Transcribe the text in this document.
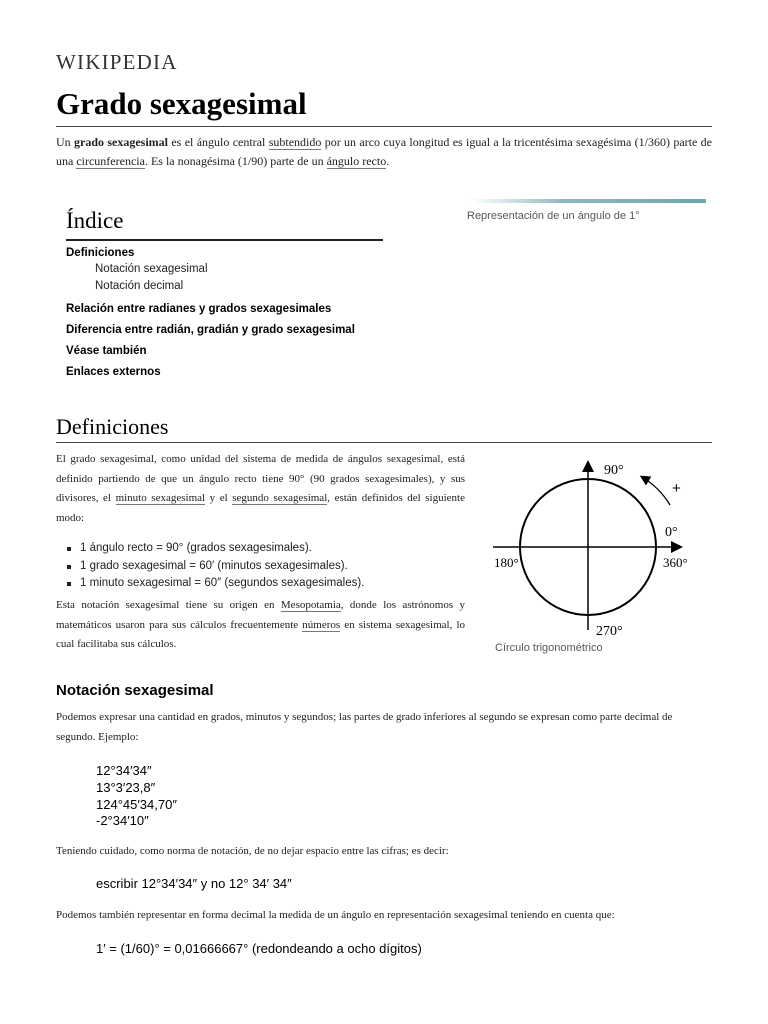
WIKIPEDIA
Grado sexagesimal
Un grado sexagesimal es el ángulo central subtendido por un arco cuya longitud es igual a la tricentésima sexagésima (1/360) parte de una circunferencia. Es la nonagésima (1/90) parte de un ángulo recto.
Representación de un ángulo de 1°
Índice
Definiciones
Notación sexagesimal
Notación decimal
Relación entre radianes y grados sexagesimales
Diferencia entre radián, gradián y grado sexagesimal
Véase también
Enlaces externos
Definiciones
El grado sexagesimal, como unidad del sistema de medida de ángulos sexagesimal, está definido partiendo de que un ángulo recto tiene 90° (90 grados sexagesimales), y sus divisores, el minuto sexagesimal y el segundo sexagesimal, están definidos del siguiente modo:
1 ángulo recto = 90° (grados sexagesimales).
1 grado sexagesimal = 60′ (minutos sexagesimales).
1 minuto sexagesimal = 60″ (segundos sexagesimales).
Esta notación sexagesimal tiene su origen en Mesopotamia, donde los astrónomos y matemáticos usaron para sus cálculos frecuentemente números en sistema sexagesimal, lo cual facilitaba sus cálculos.
90°
+
0°
180°	360°
270°
Círculo trigonométrico
Notación sexagesimal
Podemos expresar una cantidad en grados, minutos y segundos; las partes de grado inferiores al segundo se expresan como parte decimal de segundo. Ejemplo:
12°34′34″
13°3′23,8″
124°45′34,70″
-2°34′10″
Teniendo cuidado, como norma de notación, de no dejar espacio entre las cifras; es decir:
escribir 12°34′34″ y no 12° 34′ 34″
Podemos también representar en forma decimal la medida de un ángulo en representación sexagesimal teniendo en cuenta que:
1′ = (1/60)° = 0,01666667° (redondeando a ocho dígitos)
